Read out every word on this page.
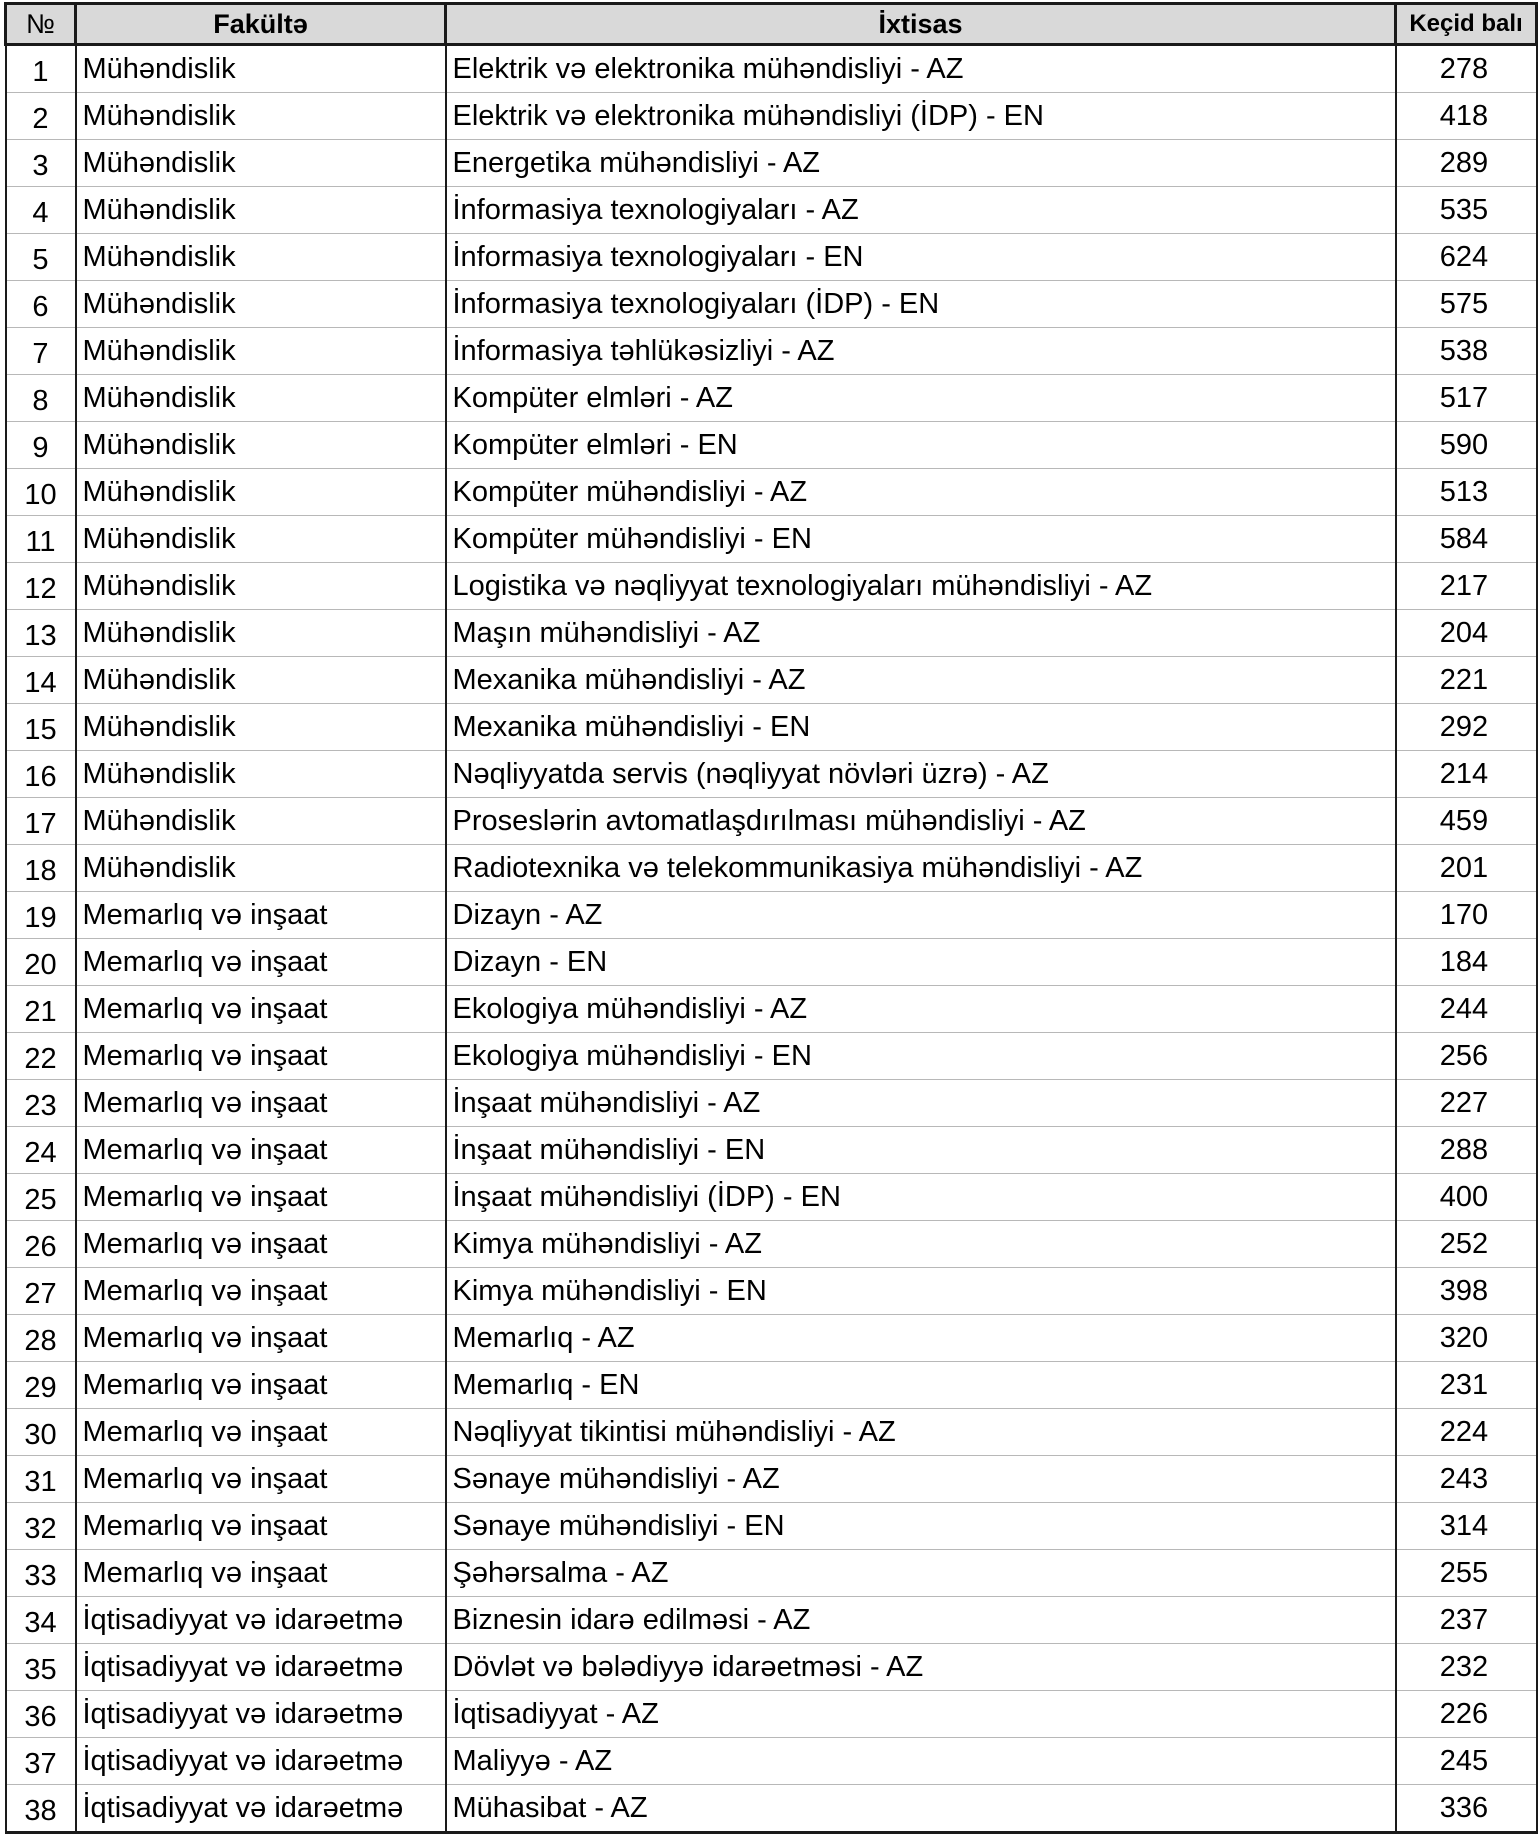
№	Fakültə	İxtisas	Keçid balı
1	Mühəndislik	Elektrik və elektronika mühəndisliyi - AZ	278
2	Mühəndislik	Elektrik və elektronika mühəndisliyi (İDP) - EN	418
3	Mühəndislik	Energetika mühəndisliyi - AZ	289
4	Mühəndislik	İnformasiya texnologiyaları - AZ	535
5	Mühəndislik	İnformasiya texnologiyaları - EN	624
6	Mühəndislik	İnformasiya texnologiyaları (İDP) - EN	575
7	Mühəndislik	İnformasiya təhlükəsizliyi - AZ	538
8	Mühəndislik	Kompüter elmləri - AZ	517
9	Mühəndislik	Kompüter elmləri - EN	590
10	Mühəndislik	Kompüter mühəndisliyi - AZ	513
11	Mühəndislik	Kompüter mühəndisliyi - EN	584
12	Mühəndislik	Logistika və nəqliyyat texnologiyaları mühəndisliyi - AZ	217
13	Mühəndislik	Maşın mühəndisliyi - AZ	204
14	Mühəndislik	Mexanika mühəndisliyi - AZ	221
15	Mühəndislik	Mexanika mühəndisliyi - EN	292
16	Mühəndislik	Nəqliyyatda servis (nəqliyyat növləri üzrə) - AZ	214
17	Mühəndislik	Proseslərin avtomatlaşdırılması mühəndisliyi - AZ	459
18	Mühəndislik	Radiotexnika və telekommunikasiya mühəndisliyi - AZ	201
19	Memarlıq və inşaat	Dizayn - AZ	170
20	Memarlıq və inşaat	Dizayn - EN	184
21	Memarlıq və inşaat	Ekologiya mühəndisliyi - AZ	244
22	Memarlıq və inşaat	Ekologiya mühəndisliyi - EN	256
23	Memarlıq və inşaat	İnşaat mühəndisliyi - AZ	227
24	Memarlıq və inşaat	İnşaat mühəndisliyi - EN	288
25	Memarlıq və inşaat	İnşaat mühəndisliyi (İDP) - EN	400
26	Memarlıq və inşaat	Kimya mühəndisliyi - AZ	252
27	Memarlıq və inşaat	Kimya mühəndisliyi - EN	398
28	Memarlıq və inşaat	Memarlıq - AZ	320
29	Memarlıq və inşaat	Memarlıq - EN	231
30	Memarlıq və inşaat	Nəqliyyat tikintisi mühəndisliyi - AZ	224
31	Memarlıq və inşaat	Sənaye mühəndisliyi - AZ	243
32	Memarlıq və inşaat	Sənaye mühəndisliyi - EN	314
33	Memarlıq və inşaat	Şəhərsalma - AZ	255
34	İqtisadiyyat və idarəetmə	Biznesin idarə edilməsi - AZ	237
35	İqtisadiyyat və idarəetmə	Dövlət və bələdiyyə idarəetməsi - AZ	232
36	İqtisadiyyat və idarəetmə	İqtisadiyyat - AZ	226
37	İqtisadiyyat və idarəetmə	Maliyyə - AZ	245
38	İqtisadiyyat və idarəetmə	Mühasibat - AZ	336
